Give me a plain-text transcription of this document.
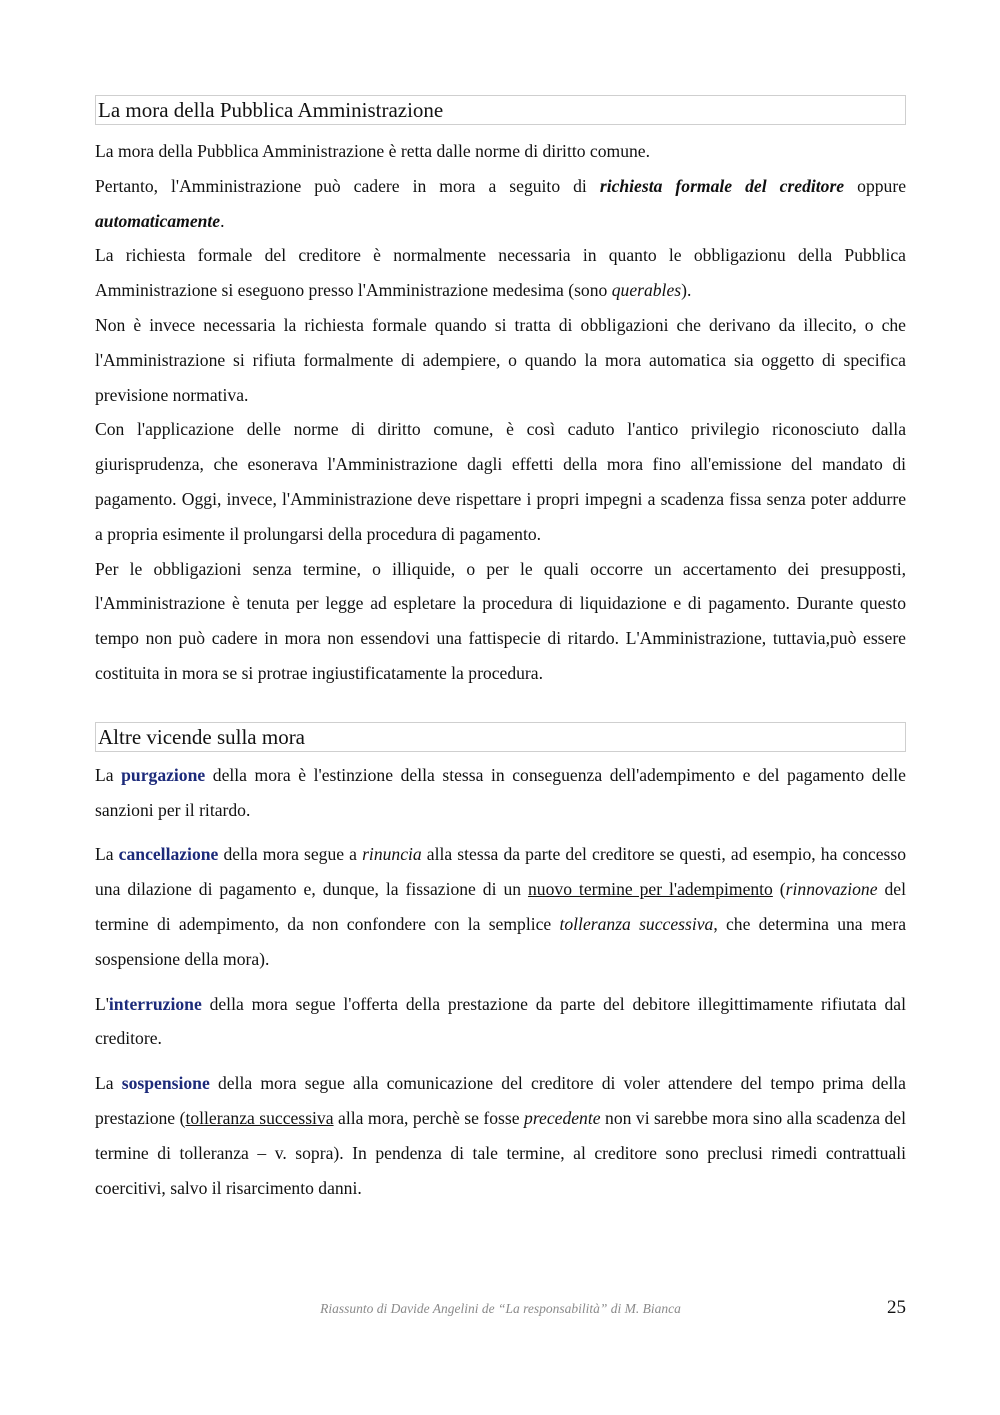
La mora della Pubblica Amministrazione

La mora della Pubblica Amministrazione è retta dalle norme di diritto comune.

Pertanto, l'Amministrazione può cadere in mora a seguito di richiesta formale del creditore oppure automaticamente.

La richiesta formale del creditore è normalmente necessaria in quanto le obbligazionu della Pubblica Amministrazione si eseguono presso l'Amministrazione medesima (sono querables).

Non è invece necessaria la richiesta formale quando si tratta di obbligazioni che derivano da illecito, o che l'Amministrazione si rifiuta formalmente di adempiere, o quando la mora automatica sia oggetto di specifica previsione normativa.

Con l'applicazione delle norme di diritto comune, è così caduto l'antico privilegio riconosciuto dalla giurisprudenza, che esonerava l'Amministrazione dagli effetti della mora fino all'emissione del mandato di pagamento. Oggi, invece, l'Amministrazione deve rispettare i propri impegni a scadenza fissa senza poter addurre a propria esimente il prolungarsi della procedura di pagamento.

Per le obbligazioni senza termine, o illiquide, o per le quali occorre un accertamento dei presupposti, l'Amministrazione è tenuta per legge ad espletare la procedura di liquidazione e di pagamento. Durante questo tempo non può cadere in mora non essendovi una fattispecie di ritardo. L'Amministrazione, tuttavia,può essere costituita in mora se si protrae ingiustificatamente la procedura.

Altre vicende sulla mora

La purgazione della mora è l'estinzione della stessa in conseguenza dell'adempimento e del pagamento delle sanzioni per il ritardo.

La cancellazione della mora segue a rinuncia alla stessa da parte del creditore se questi, ad esempio, ha concesso una dilazione di pagamento e, dunque, la fissazione di un nuovo termine per l'adempimento (rinnovazione del termine di adempimento, da non confondere con la semplice tolleranza successiva, che determina una mera sospensione della mora).

L'interruzione della mora segue l'offerta della prestazione da parte del debitore illegittimamente rifiutata dal creditore.

La sospensione della mora segue alla comunicazione del creditore di voler attendere del tempo prima della prestazione (tolleranza successiva alla mora, perchè se fosse precedente non vi sarebbe mora sino alla scadenza del termine di tolleranza – v. sopra). In pendenza di tale termine, al creditore sono preclusi rimedi contrattuali coercitivi, salvo il risarcimento danni.

Riassunto di Davide Angelini de “La responsabilità” di M. Bianca	25
